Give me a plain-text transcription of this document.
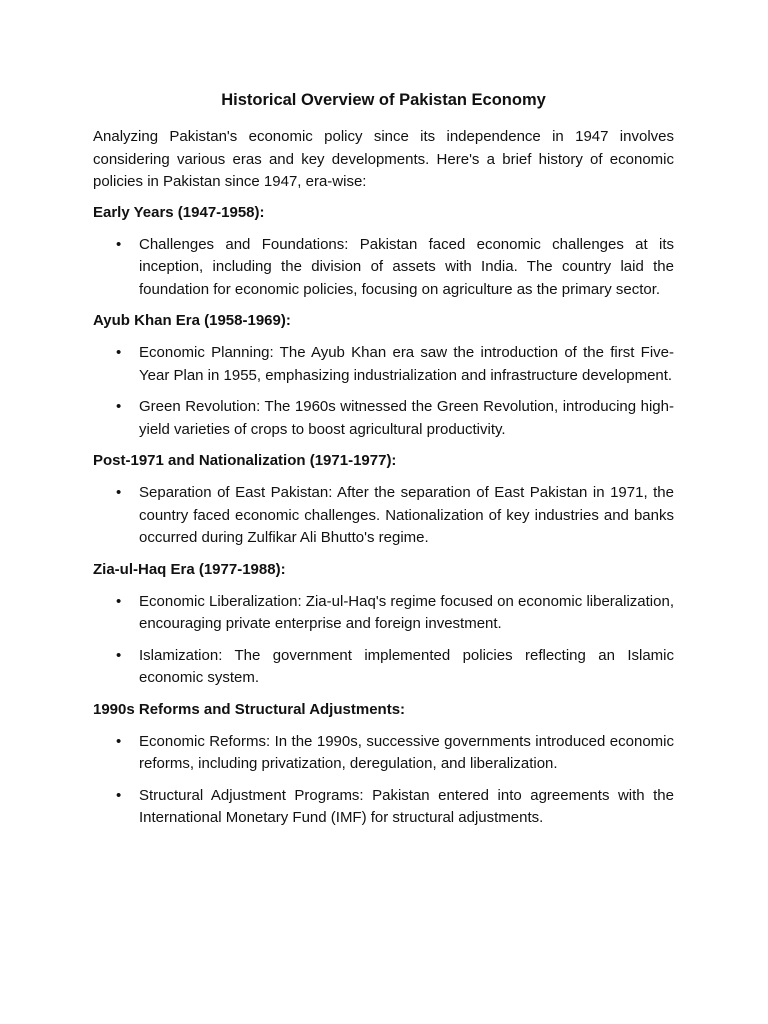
Historical Overview of Pakistan Economy

Analyzing Pakistan's economic policy since its independence in 1947 involves considering various eras and key developments. Here's a brief history of economic policies in Pakistan since 1947, era-wise:

Early Years (1947-1958):
• Challenges and Foundations: Pakistan faced economic challenges at its inception, including the division of assets with India. The country laid the foundation for economic policies, focusing on agriculture as the primary sector.
Ayub Khan Era (1958-1969):
• Economic Planning: The Ayub Khan era saw the introduction of the first Five-Year Plan in 1955, emphasizing industrialization and infrastructure development.
• Green Revolution: The 1960s witnessed the Green Revolution, introducing high-yield varieties of crops to boost agricultural productivity.
Post-1971 and Nationalization (1971-1977):
• Separation of East Pakistan: After the separation of East Pakistan in 1971, the country faced economic challenges. Nationalization of key industries and banks occurred during Zulfikar Ali Bhutto's regime.
Zia-ul-Haq Era (1977-1988):
• Economic Liberalization: Zia-ul-Haq's regime focused on economic liberalization, encouraging private enterprise and foreign investment.
• Islamization: The government implemented policies reflecting an Islamic economic system.
1990s Reforms and Structural Adjustments:
• Economic Reforms: In the 1990s, successive governments introduced economic reforms, including privatization, deregulation, and liberalization.
• Structural Adjustment Programs: Pakistan entered into agreements with the International Monetary Fund (IMF) for structural adjustments.
